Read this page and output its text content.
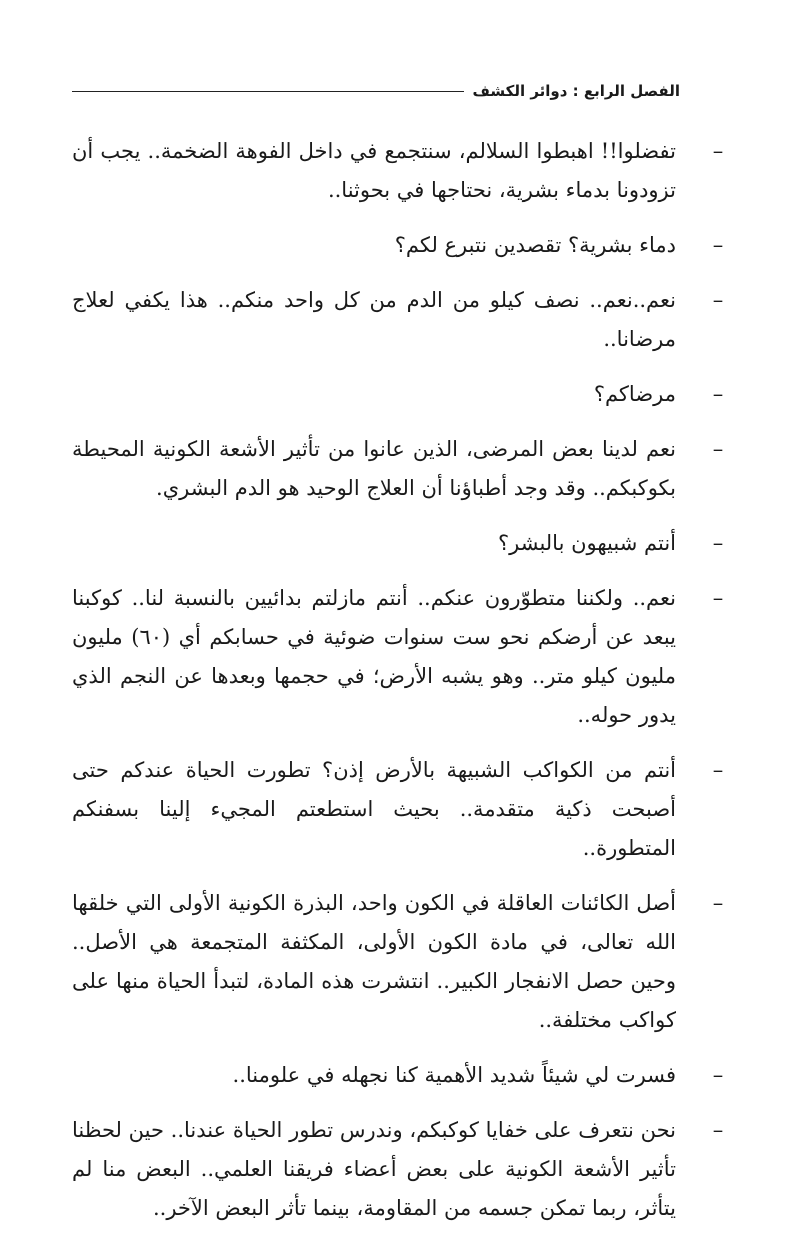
الفصل الرابع : دوائر الكشف
–
تفضلوا!! اهبطوا السلالم، سنتجمع في داخل الفوهة الضخمة.. يجب أن تزودونا بدماء بشرية، نحتاجها في بحوثنا..
–
دماء بشرية؟ تقصدين نتبرع لكم؟
–
نعم..نعم.. نصف كيلو من الدم من كل واحد منكم.. هذا يكفي لعلاج مرضانا..
–
مرضاكم؟
–
نعم لدينا بعض المرضى، الذين عانوا من تأثير الأشعة الكونية المحيطة بكوكبكم.. وقد وجد أطباؤنا أن العلاج الوحيد هو الدم البشري.
–
أنتم شبيهون بالبشر؟
–
نعم.. ولكننا متطوّرون عنكم.. أنتم مازلتم بدائيين بالنسبة لنا.. كوكبنا يبعد عن أرضكم نحو ست سنوات ضوئية في حسابكم أي (٦٠) مليون مليون كيلو متر.. وهو يشبه الأرض؛ في حجمها وبعدها عن النجم الذي يدور حوله..
–
أنتم من الكواكب الشبيهة بالأرض إذن؟ تطورت الحياة عندكم حتى أصبحت ذكية متقدمة.. بحيث استطعتم المجيء إلينا بسفنكم المتطورة..
–
أصل الكائنات العاقلة في الكون واحد، البذرة الكونية الأولى التي خلقها الله تعالى، في مادة الكون الأولى، المكثفة المتجمعة هي الأصل.. وحين حصل الانفجار الكبير.. انتشرت هذه المادة، لتبدأ الحياة منها على كواكب مختلفة..
–
فسرت لي شيئاً شديد الأهمية كنا نجهله في علومنا..
–
نحن نتعرف على خفايا كوكبكم، وندرس تطور الحياة عندنا.. حين لحظنا تأثير الأشعة الكونية على بعض أعضاء فريقنا العلمي.. البعض منا لم يتأثر، ربما تمكن جسمه من المقاومة، بينما تأثر البعض الآخر..
